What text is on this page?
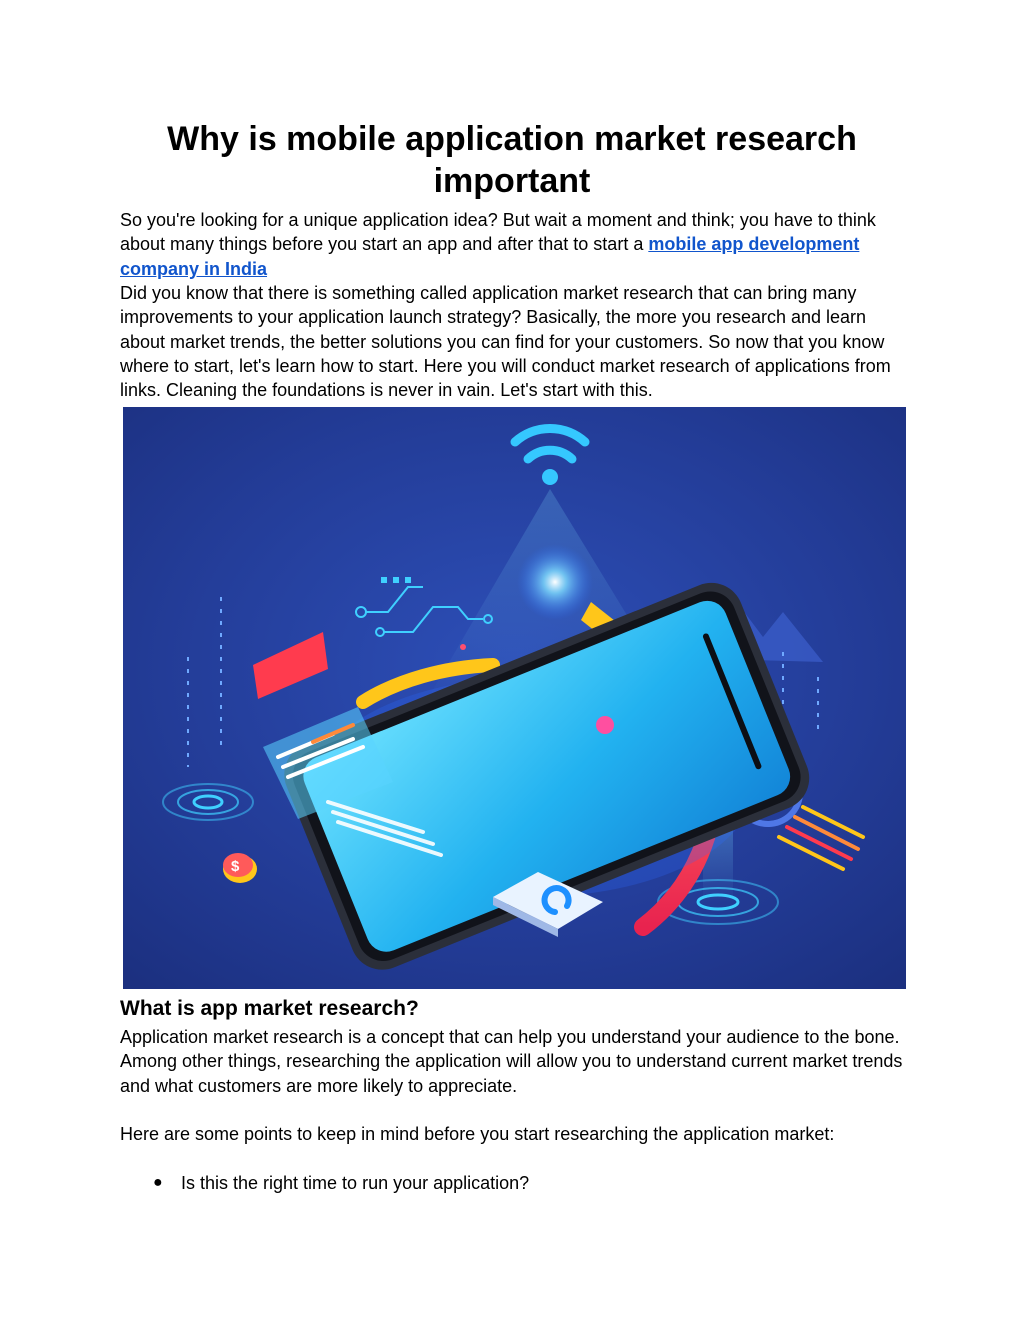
Why is mobile application market research important

So you're looking for a unique application idea? But wait a moment and think; you have to think about many things before you start an app and after that to start a mobile app development company in India

Did you know that there is something called application market research that can bring many improvements to your application launch strategy? Basically, the more you research and learn about market trends, the better solutions you can find for your customers. So now that you know where to start, let's learn how to start. Here you will conduct market research of applications from links. Cleaning the foundations is never in vain. Let's start with this.

$
What is app market research?

Application market research is a concept that can help you understand your audience to the bone. Among other things, researching the application will allow you to understand current market trends and what customers are more likely to appreciate.

Here are some points to keep in mind before you start researching the application market:

● Is this the right time to run your application?
